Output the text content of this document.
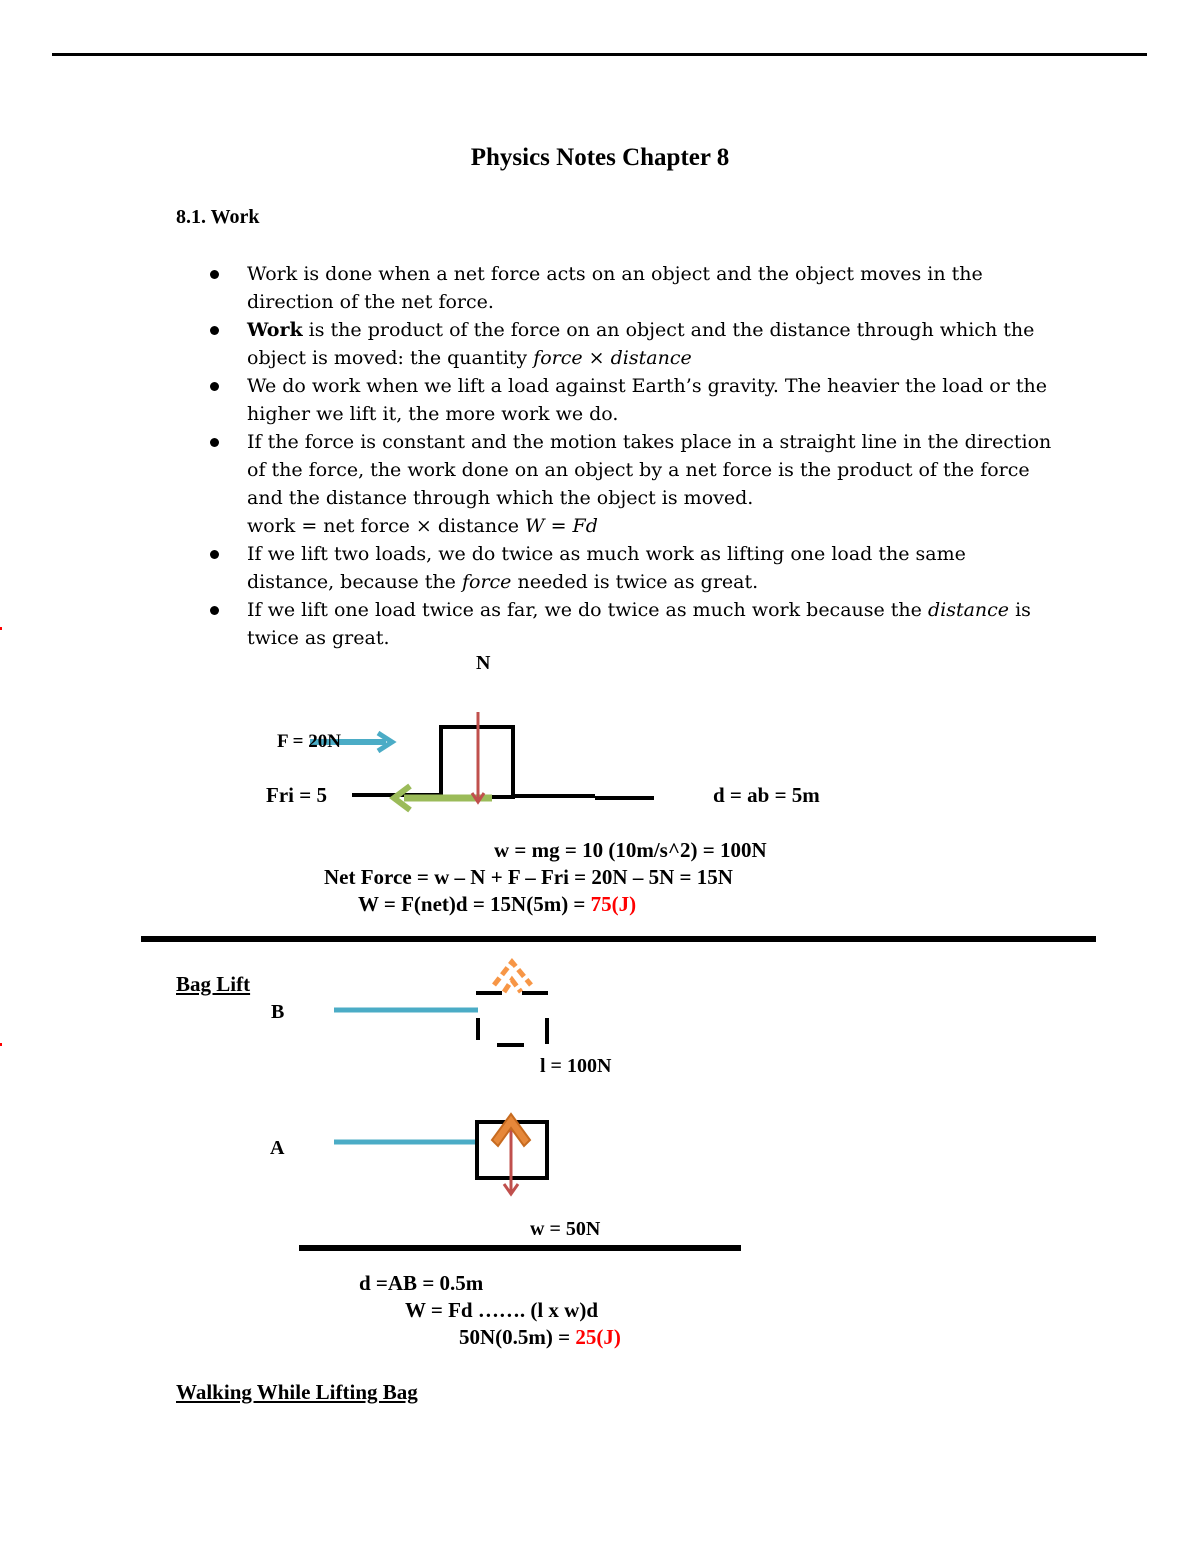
Physics Notes Chapter 8
8.1. Work
Work is done when a net force acts on an object and the object moves in the direction of the net force.
Work is the product of the force on an object and the distance through which the object is moved: the quantity force × distance
We do work when we lift a load against Earth’s gravity. The heavier the load or the higher we lift it, the more work we do.
If the force is constant and the motion takes place in a straight line in the direction of the force, the work done on an object by a net force is the product of the force and the distance through which the object is moved.
work = net force × distance W = Fd
If we lift two loads, we do twice as much work as lifting one load the same distance, because the force needed is twice as great.
If we lift one load twice as far, we do twice as much work because the distance is twice as great.
N
F = 20N
Fri = 5	d = ab = 5m
w = mg = 10 (10m/s^2) = 100N
Net Force = w – N + F – Fri = 20N – 5N = 15N
W = F(net)d = 15N(5m) = 75(J)
Bag Lift
B
A
l = 100N
w = 50N
d =AB = 0.5m
W = Fd ……. (l x w)d
50N(0.5m) = 25(J)
Walking While Lifting Bag
